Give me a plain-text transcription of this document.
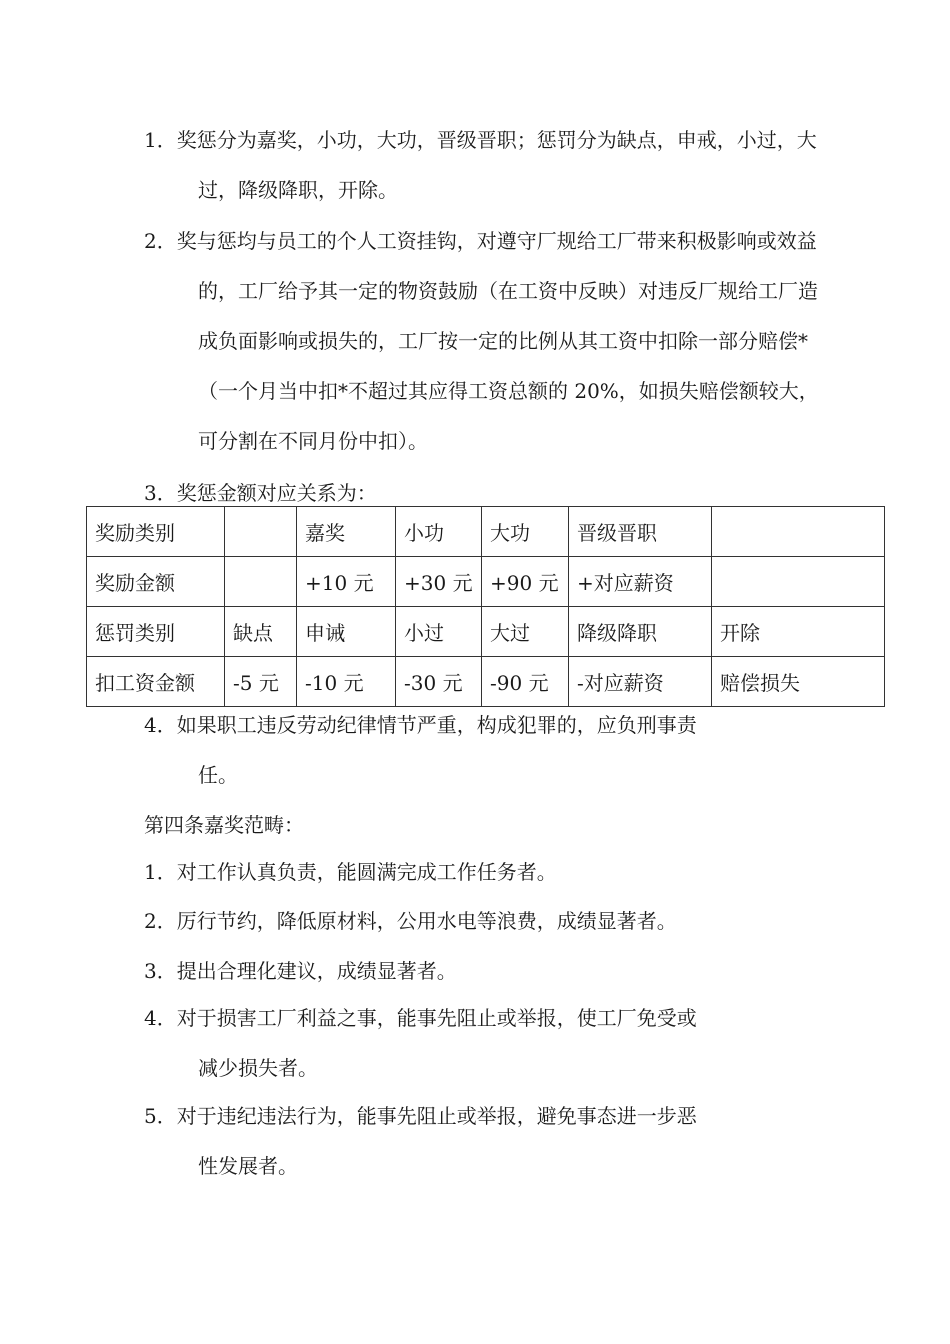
1．奖惩分为嘉奖，小功，大功，晋级晋职；惩罚分为缺点，申戒，小过，大
过，降级降职，开除。
2．奖与惩均与员工的个人工资挂钩，对遵守厂规给工厂带来积极影响或效益
的，工厂给予其一定的物资鼓励（在工资中反映）对违反厂规给工厂造
成负面影响或损失的，工厂按一定的比例从其工资中扣除一部分赔偿*
（一个月当中扣*不超过其应得工资总额的 20%，如损失赔偿额较大，
可分割在不同月份中扣）。
3．奖惩金额对应关系为：
奖励类别		嘉奖	小功	大功	晋级晋职	
奖励金额		+10 元	+30 元	+90 元	+对应薪资	
惩罚类别	缺点	申诫	小过	大过	降级降职	开除
扣工资金额	-5 元	-10 元	-30 元	-90 元	-对应薪资	赔偿损失
4．如果职工违反劳动纪律情节严重，构成犯罪的，应负刑事责
任。
第四条嘉奖范畴：
1．对工作认真负责，能圆满完成工作任务者。
2．厉行节约，降低原材料，公用水电等浪费，成绩显著者。
3．提出合理化建议，成绩显著者。
4．对于损害工厂利益之事，能事先阻止或举报，使工厂免受或
减少损失者。
5．对于违纪违法行为，能事先阻止或举报，避免事态进一步恶
性发展者。
